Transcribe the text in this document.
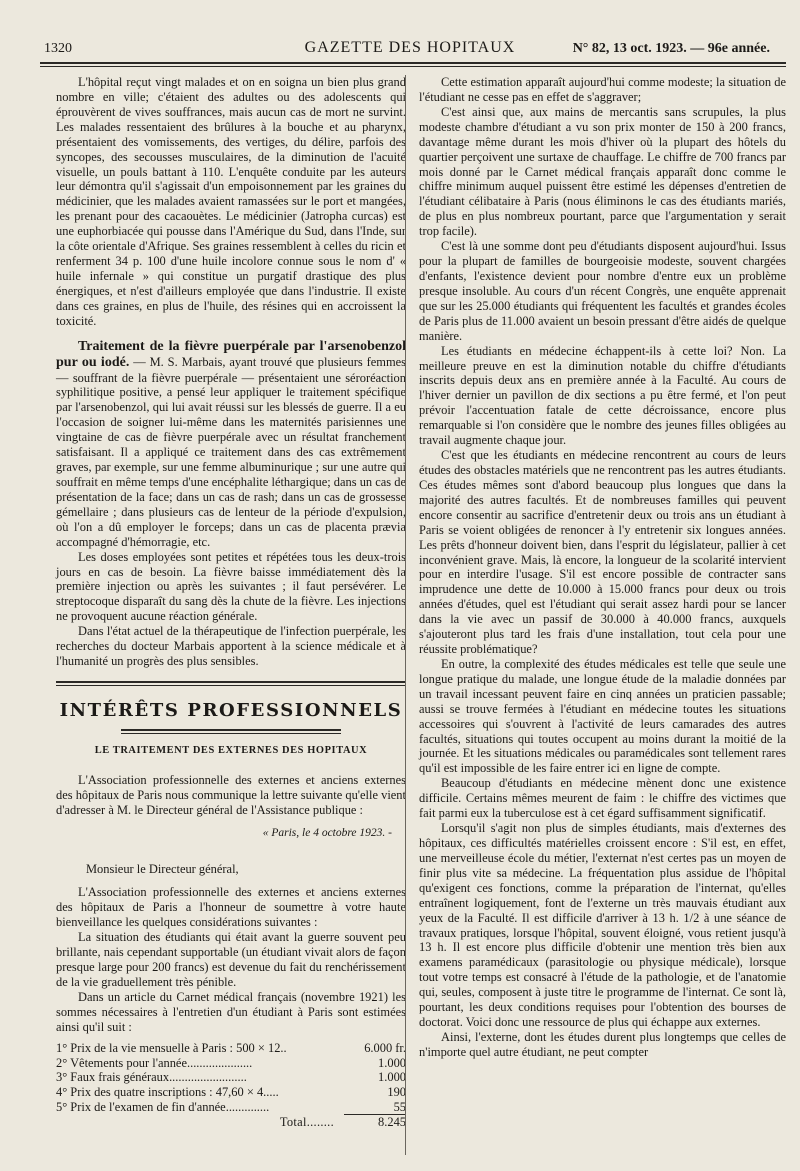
1320	GAZETTE DES HOPITAUX	N° 82, 13 oct. 1923. — 96e année.

L'hôpital reçut vingt malades et on en soigna un bien plus grand nombre en ville; c'étaient des adultes ou des adolescents qui éprouvèrent de vives souffrances, mais aucun cas de mort ne survint. Les malades ressentaient des brûlures à la bouche et au pharynx, présentaient des vomissements, des vertiges, du délire, parfois des syncopes, des secousses musculaires, de la diminution de l'acuité visuelle, un pouls battant à 110. L'enquête conduite par les auteurs leur démontra qu'il s'agissait d'un empoisonnement par les graines du médicinier, que les malades avaient ramassées sur le port et mangées, les prenant pour des cacaouètes. Le médicinier (Jatropha curcas) est une euphorbiacée qui pousse dans l'Amérique du Sud, dans l'Inde, sur la côte orientale d'Afrique. Ses graines ressemblent à celles du ricin et renferment 34 p. 100 d'une huile incolore connue sous le nom d' « huile infernale » qui constitue un purgatif drastique des plus énergiques, et n'est d'ailleurs employée que dans l'industrie. Il existe dans ces graines, en plus de l'huile, des résines qui en accroissent la toxicité.

Traitement de la fièvre puerpérale par l'arsenobenzol pur ou iodé. — M. S. Marbais, ayant trouvé que plusieurs femmes — souffrant de la fièvre puerpérale — présentaient une séroréaction syphilitique positive, a pensé leur appliquer le traitement spécifique par l'arsenobenzol, qui lui avait réussi sur les blessés de guerre. Il a eu l'occasion de soigner lui-même dans les maternités parisiennes une vingtaine de cas de fièvre puerpérale avec un résultat franchement satisfaisant. Il a appliqué ce traitement dans des cas extrêmement graves, par exemple, sur une femme albuminurique ; sur une autre qui souffrait en même temps d'une encéphalite léthargique; dans un cas de présentation de la face; dans un cas de rash; dans un cas de grossesse gémellaire ; dans plusieurs cas de lenteur de la période d'expulsion, où l'on a dû employer le forceps; dans un cas de placenta prævia accompagné d'hémorragie, etc.

Les doses employées sont petites et répétées tous les deux-trois jours en cas de besoin. La fièvre baisse immédiatement dès la première injection ou après les suivantes ; il faut persévérer. Le streptocoque disparaît du sang dès la chute de la fièvre. Les injections ne provoquent aucune réaction générale.

Dans l'état actuel de la thérapeutique de l'infection puerpérale, les recherches du docteur Marbais apportent à la science médicale et à l'humanité un progrès des plus sensibles.

INTÉRÊTS PROFESSIONNELS
LE TRAITEMENT DES EXTERNES DES HOPITAUX

L'Association professionnelle des externes et anciens externes des hôpitaux de Paris nous communique la lettre suivante qu'elle vient d'adresser à M. le Directeur général de l'Assistance publique :

« Paris, le 4 octobre 1923. -

Monsieur le Directeur général,

L'Association professionnelle des externes et anciens externes des hôpitaux de Paris a l'honneur de soumettre à votre haute bienveillance les quelques considérations suivantes :

La situation des étudiants qui était avant la guerre souvent peu brillante, nais cependant supportable (un étudiant vivait alors de façon presque large pour 200 francs) est devenue du fait du renchérissement de la vie graduellement très pénible.

Dans un article du Carnet médical français (novembre 1921) les sommes nécessaires à l'entretien d'un étudiant à Paris sont estimées ainsi qu'il suit :

1° Prix de la vie mensuelle à Paris : 500 × 12..	6.000 fr.
2° Vêtements pour l'année.....................	1.000
3° Faux frais généraux.........................	1.000
4° Prix des quatre inscriptions : 47,60 × 4.....	190
5° Prix de l'examen de fin d'année..............	55
Total........	8.245

Cette estimation apparaît aujourd'hui comme modeste; la situation de l'étudiant ne cesse pas en effet de s'aggraver;

C'est ainsi que, aux mains de mercantis sans scrupules, la plus modeste chambre d'étudiant a vu son prix monter de 150 à 200 francs, davantage même durant les mois d'hiver où la plupart des hôtels du quartier perçoivent une surtaxe de chauffage. Le chiffre de 700 francs par mois donné par le Carnet médical français apparaît donc comme le chiffre minimum auquel puissent être estimé les dépenses d'entretien de l'étudiant célibataire à Paris (nous éliminons le cas des étudiants mariés, de plus en plus nombreux pourtant, parce que l'argumentation y serait trop facile).

C'est là une somme dont peu d'étudiants disposent aujourd'hui. Issus pour la plupart de familles de bourgeoisie modeste, souvent chargées d'enfants, l'existence devient pour nombre d'entre eux un problème presque insoluble. Au cours d'un récent Congrès, une enquête apprenait que sur les 25.000 étudiants qui fréquentent les facultés et grandes écoles de Paris plus de 11.000 avaient un besoin pressant d'être aidés de quelque manière.

Les étudiants en médecine échappent-ils à cette loi? Non. La meilleure preuve en est la diminution notable du chiffre d'étudiants inscrits depuis deux ans en première année à la Faculté. Au cours de l'hiver dernier un pavillon de dix sections a pu être fermé, et l'on peut prévoir l'accentuation fatale de cette décroissance, encore plus remarquable si l'on considère que le nombre des jeunes filles obligées au travail augmente chaque jour.

C'est que les étudiants en médecine rencontrent au cours de leurs études des obstacles matériels que ne rencontrent pas les autres étudiants. Ces études mêmes sont d'abord beaucoup plus longues que dans la majorité des autres facultés. Et de nombreuses familles qui peuvent encore consentir au sacrifice d'entretenir deux ou trois ans un étudiant à Paris se voient obligées de renoncer à l'y entretenir six longues années. Les prêts d'honneur doivent bien, dans l'esprit du législateur, pallier à cet inconvénient grave. Mais, là encore, la longueur de la scolarité intervient pour en interdire l'usage. S'il est encore possible de contracter sans imprudence une dette de 10.000 à 15.000 francs pour deux ou trois années d'études, quel est l'étudiant qui serait assez hardi pour se lancer dans la vie avec un passif de 30.000 à 40.000 francs, auxquels s'ajouteront plus tard les frais d'une installation, tout cela pour une réussite problématique?

En outre, la complexité des études médicales est telle que seule une longue pratique du malade, une longue étude de la maladie données par un travail incessant peuvent faire en cinq années un praticien passable; aussi se trouve fermées à l'étudiant en médecine toutes les situations accessoires qui s'ouvrent à l'activité de leurs camarades des autres facultés, situations qui toutes occupent au moins durant la moitié de la journée. Et les situations médicales ou paramédicales sont tellement rares qu'il est impossible de les faire entrer ici en ligne de compte.

Beaucoup d'étudiants en médecine mènent donc une existence difficile. Certains mêmes meurent de faim : le chiffre des victimes que fait parmi eux la tuberculose est à cet égard suffisamment significatif.

Lorsqu'il s'agit non plus de simples étudiants, mais d'externes des hôpitaux, ces difficultés matérielles croissent encore : S'il est, en effet, une merveilleuse école du métier, l'externat n'est certes pas un moyen de finir plus vite sa médecine. La fréquentation plus assidue de l'hôpital qu'exigent ces fonctions, comme la préparation de l'internat, qu'elles entraînent logiquement, font de l'externe un très mauvais étudiant aux yeux de la Faculté. Il est difficile d'arriver à 13 h. 1/2 à une séance de travaux pratiques, lorsque l'hôpital, souvent éloigné, vous retient jusqu'à 13 h. Il est encore plus difficile d'obtenir une mention très bien aux examens paramédicaux (parasitologie ou physique médicale), lorsque tout votre temps est consacré à l'étude de la pathologie, et de l'anatomie qui, seules, composent à juste titre le programme de l'internat. Ce sont là, pourtant, les deux conditions requises pour l'obtention des bourses de doctorat. Voici donc une ressource de plus qui échappe aux externes.

Ainsi, l'externe, dont les études durent plus longtemps que celles de n'importe quel autre étudiant, ne peut compter
